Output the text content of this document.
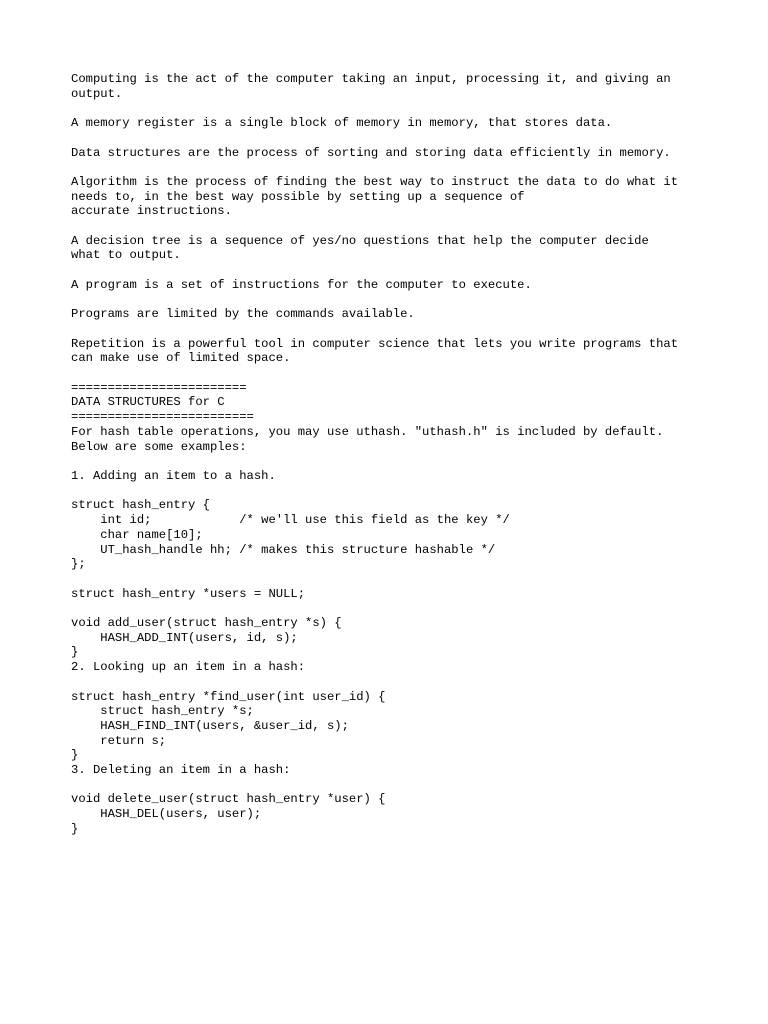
Computing is the act of the computer taking an input, processing it, and giving an
output.
A memory register is a single block of memory in memory, that stores data.
Data structures are the process of sorting and storing data efficiently in memory.
Algorithm is the process of finding the best way to instruct the data to do what it
needs to, in the best way possible by setting up a sequence of
accurate instructions.
A decision tree is a sequence of yes/no questions that help the computer decide
what to output.
A program is a set of instructions for the computer to execute.
Programs are limited by the commands available.
Repetition is a powerful tool in computer science that lets you write programs that
can make use of limited space.
========================
DATA STRUCTURES for C
=========================
For hash table operations, you may use uthash. "uthash.h" is included by default.
Below are some examples:
1. Adding an item to a hash.
struct hash_entry {
int id;            /* we'll use this field as the key */
char name[10];
UT_hash_handle hh; /* makes this structure hashable */
};
struct hash_entry *users = NULL;
void add_user(struct hash_entry *s) {
HASH_ADD_INT(users, id, s);
}
2. Looking up an item in a hash:
struct hash_entry *find_user(int user_id) {
struct hash_entry *s;
HASH_FIND_INT(users, &user_id, s);
return s;
}
3. Deleting an item in a hash:
void delete_user(struct hash_entry *user) {
HASH_DEL(users, user);
}
